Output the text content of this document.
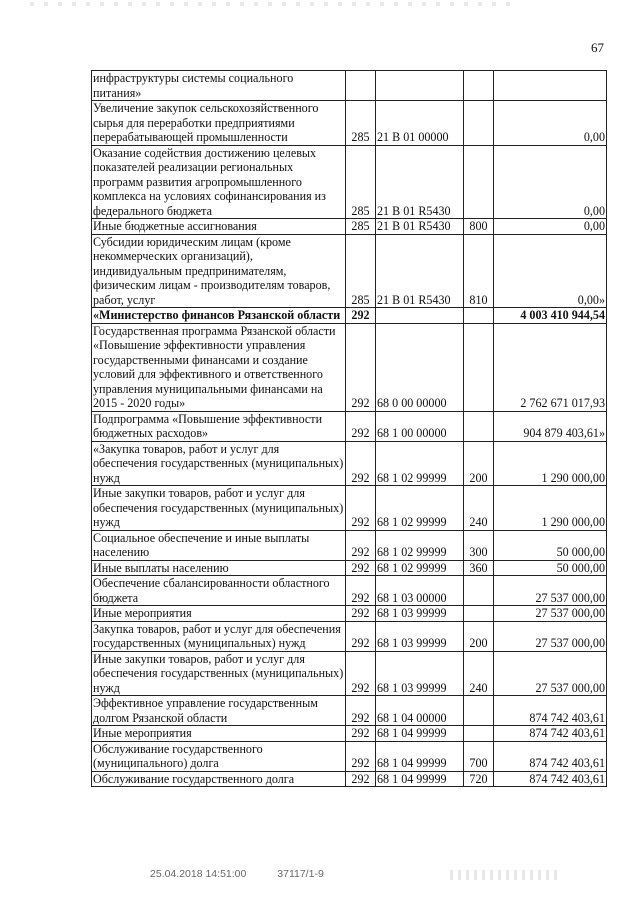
67
инфраструктуры системы социального питания»				
Увеличение закупок сельскохозяйственного сырья для переработки предприятиями перерабатывающей промышленности	285	21 В 01 00000		0,00
Оказание содействия достижению целевых показателей реализации региональных программ развития агропромышленного комплекса на условиях софинансирования из федерального бюджета	285	21 В 01 R5430		0,00
Иные бюджетные ассигнования	285	21 В 01 R5430	800	0,00
Субсидии юридическим лицам (кроме некоммерческих организаций), индивидуальным предпринимателям, физическим лицам - производителям товаров, работ, услуг	285	21 В 01 R5430	810	0,00»
«Министерство финансов Рязанской области	292			4 003 410 944,54
Государственная программа Рязанской области «Повышение эффективности управления государственными финансами и создание условий для эффективного и ответственного управления муниципальными финансами на 2015 - 2020 годы»	292	68 0 00 00000		2 762 671 017,93
Подпрограмма «Повышение эффективности бюджетных расходов»	292	68 1 00 00000		904 879 403,61»
«Закупка товаров, работ и услуг для обеспечения государственных (муниципальных) нужд	292	68 1 02 99999	200	1 290 000,00
Иные закупки товаров, работ и услуг для обеспечения государственных (муниципальных) нужд	292	68 1 02 99999	240	1 290 000,00
Социальное обеспечение и иные выплаты населению	292	68 1 02 99999	300	50 000,00
Иные выплаты населению	292	68 1 02 99999	360	50 000,00
Обеспечение сбалансированности областного бюджета	292	68 1 03 00000		27 537 000,00
Иные мероприятия	292	68 1 03 99999		27 537 000,00
Закупка товаров, работ и услуг для обеспечения государственных (муниципальных) нужд	292	68 1 03 99999	200	27 537 000,00
Иные закупки товаров, работ и услуг для обеспечения государственных (муниципальных) нужд	292	68 1 03 99999	240	27 537 000,00
Эффективное управление государственным долгом Рязанской области	292	68 1 04 00000		874 742 403,61
Иные мероприятия	292	68 1 04 99999		874 742 403,61
Обслуживание государственного (муниципального) долга	292	68 1 04 99999	700	874 742 403,61
Обслуживание государственного долга	292	68 1 04 99999	720	874 742 403,61
25.04.2018 14:51:00	37117/1-9
